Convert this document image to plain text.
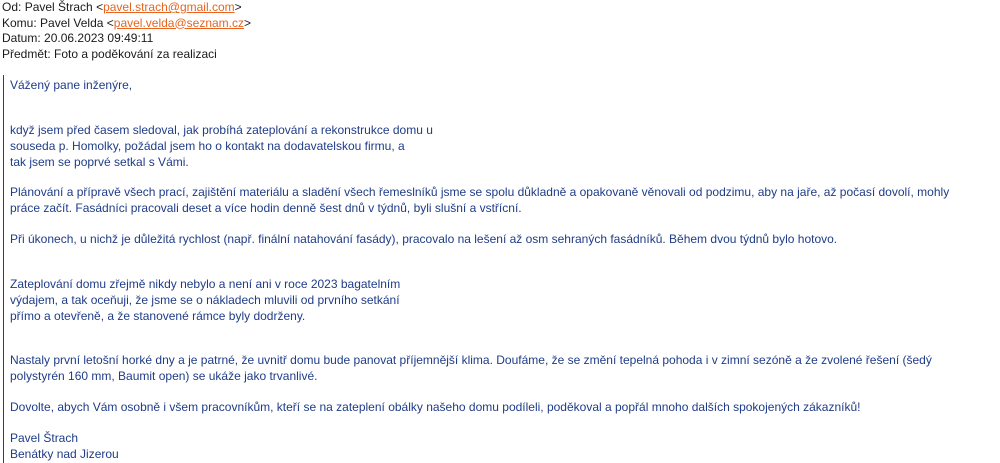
Od: Pavel Štrach <pavel.strach@gmail.com>
Komu: Pavel Velda <pavel.velda@seznam.cz>
Datum: 20.06.2023 09:49:11
Předmět: Foto a poděkování za realizaci
Vážený pane inženýre,
když jsem před časem sledoval, jak probíhá zateplování a rekonstrukce domu u
souseda p. Homolky, požádal jsem ho o kontakt na dodavatelskou firmu, a
tak jsem se poprvé setkal s Vámi.
Plánování a přípravě všech prací, zajištění materiálu a sladění všech řemeslníků jsme se spolu důkladně a opakovaně věnovali od podzimu, aby na jaře, až počasí dovolí, mohly práce začít. Fasádníci pracovali deset a více hodin denně šest dnů v týdnů, byli slušní a vstřícní.
Při úkonech, u nichž je důležitá rychlost (např. finální natahování fasády), pracovalo na lešení až osm sehraných fasádníků. Během dvou týdnů bylo hotovo.
Zateplování domu zřejmě nikdy nebylo a není ani v roce 2023 bagatelním
výdajem, a tak oceňuji, že jsme se o nákladech mluvili od prvního setkání
přímo a otevřeně, a že stanovené rámce byly dodrženy.
Nastaly první letošní horké dny a je patrné, že uvnitř domu bude panovat příjemnější klima. Doufáme, že se změní tepelná pohoda i v zimní sezóně a že zvolené řešení (šedý polystyrén 160 mm, Baumit open) se ukáže jako trvanlivé.
Dovolte, abych Vám osobně i všem pracovníkům, kteří se na zateplení obálky našeho domu podíleli, poděkoval a popřál mnoho dalších spokojených zákazníků!
Pavel Štrach
Benátky nad Jizerou
